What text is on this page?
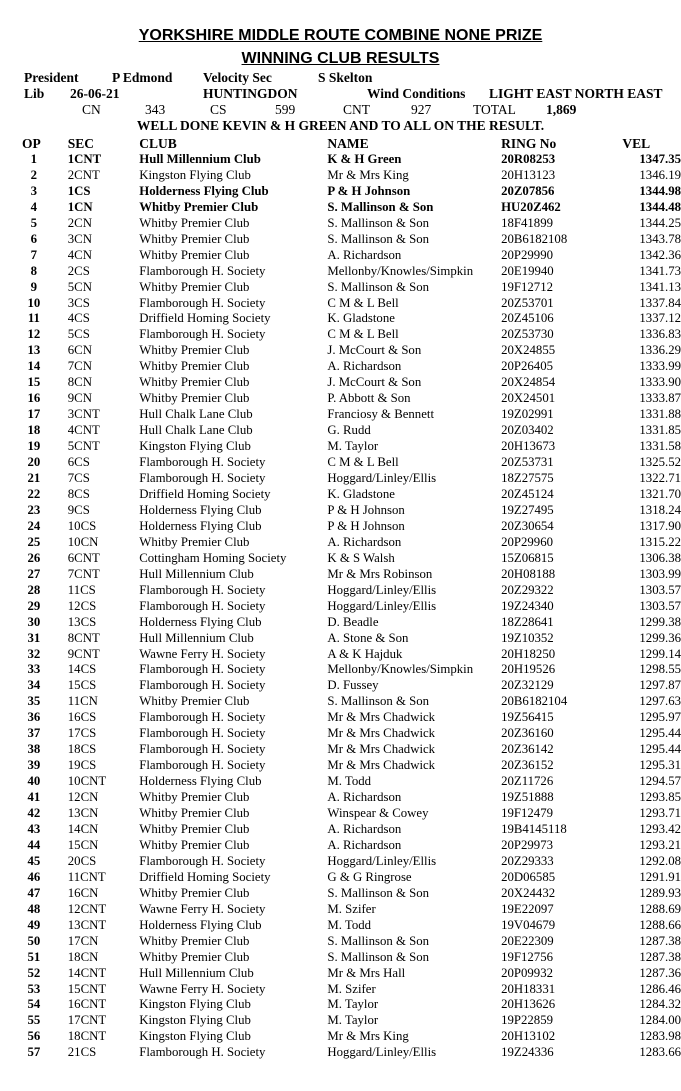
YORKSHIRE MIDDLE ROUTE COMBINE NONE PRIZE
WINNING CLUB RESULTS
President P Edmond Velocity Sec	S Skelton
Lib 26-06-21	HUNTINGDON	Wind Conditions LIGHT EAST NORTH EAST
CN	343	CS	599	CNT	927	TOTAL 1,869
WELL DONE KEVIN & H GREEN AND TO ALL ON THE RESULT.
OP	SEC	CLUB	NAME	RING No	VEL
1	1CNT	Hull Millennium Club	K & H Green	20R08253	1347.35
2	2CNT	Kingston Flying Club	Mr & Mrs King	20H13123	1346.19
3	1CS	Holderness Flying Club	P & H Johnson	20Z07856	1344.98
4	1CN	Whitby Premier Club	S. Mallinson & Son	HU20Z462	1344.48
5	2CN	Whitby Premier Club	S. Mallinson & Son	18F41899	1344.25
6	3CN	Whitby Premier Club	S. Mallinson & Son	20B6182108	1343.78
7	4CN	Whitby Premier Club	A. Richardson	20P29990	1342.36
8	2CS	Flamborough H. Society	Mellonby/Knowles/Simpkin	20E19940	1341.73
9	5CN	Whitby Premier Club	S. Mallinson & Son	19F12712	1341.13
10	3CS	Flamborough H. Society	C M & L Bell	20Z53701	1337.84
11	4CS	Driffield Homing Society	K. Gladstone	20Z45106	1337.12
12	5CS	Flamborough H. Society	C M & L Bell	20Z53730	1336.83
13	6CN	Whitby Premier Club	J. McCourt & Son	20X24855	1336.29
14	7CN	Whitby Premier Club	A. Richardson	20P26405	1333.99
15	8CN	Whitby Premier Club	J. McCourt & Son	20X24854	1333.90
16	9CN	Whitby Premier Club	P. Abbott & Son	20X24501	1333.87
17	3CNT	Hull Chalk Lane Club	Franciosy & Bennett	19Z02991	1331.88
18	4CNT	Hull Chalk Lane Club	G. Rudd	20Z03402	1331.85
19	5CNT	Kingston Flying Club	M. Taylor	20H13673	1331.58
20	6CS	Flamborough H. Society	C M & L Bell	20Z53731	1325.52
21	7CS	Flamborough H. Society	Hoggard/Linley/Ellis	18Z27575	1322.71
22	8CS	Driffield Homing Society	K. Gladstone	20Z45124	1321.70
23	9CS	Holderness Flying Club	P & H Johnson	19Z27495	1318.24
24	10CS	Holderness Flying Club	P & H Johnson	20Z30654	1317.90
25	10CN	Whitby Premier Club	A. Richardson	20P29960	1315.22
26	6CNT	Cottingham Homing Society	K & S Walsh	15Z06815	1306.38
27	7CNT	Hull Millennium Club	Mr & Mrs Robinson	20H08188	1303.99
28	11CS	Flamborough H. Society	Hoggard/Linley/Ellis	20Z29322	1303.57
29	12CS	Flamborough H. Society	Hoggard/Linley/Ellis	19Z24340	1303.57
30	13CS	Holderness Flying Club	D. Beadle	18Z28641	1299.38
31	8CNT	Hull Millennium Club	A. Stone & Son	19Z10352	1299.36
32	9CNT	Wawne Ferry H. Society	A & K Hajduk	20H18250	1299.14
33	14CS	Flamborough H. Society	Mellonby/Knowles/Simpkin	20H19526	1298.55
34	15CS	Flamborough H. Society	D. Fussey	20Z32129	1297.87
35	11CN	Whitby Premier Club	S. Mallinson & Son	20B6182104	1297.63
36	16CS	Flamborough H. Society	Mr & Mrs Chadwick	19Z56415	1295.97
37	17CS	Flamborough H. Society	Mr & Mrs Chadwick	20Z36160	1295.44
38	18CS	Flamborough H. Society	Mr & Mrs Chadwick	20Z36142	1295.44
39	19CS	Flamborough H. Society	Mr & Mrs Chadwick	20Z36152	1295.31
40	10CNT	Holderness Flying Club	M. Todd	20Z11726	1294.57
41	12CN	Whitby Premier Club	A. Richardson	19Z51888	1293.85
42	13CN	Whitby Premier Club	Winspear & Cowey	19F12479	1293.71
43	14CN	Whitby Premier Club	A. Richardson	19B4145118	1293.42
44	15CN	Whitby Premier Club	A. Richardson	20P29973	1293.21
45	20CS	Flamborough H. Society	Hoggard/Linley/Ellis	20Z29333	1292.08
46	11CNT	Driffield Homing Society	G & G Ringrose	20D06585	1291.91
47	16CN	Whitby Premier Club	S. Mallinson & Son	20X24432	1289.93
48	12CNT	Wawne Ferry H. Society	M. Szifer	19E22097	1288.69
49	13CNT	Holderness Flying Club	M. Todd	19V04679	1288.66
50	17CN	Whitby Premier Club	S. Mallinson & Son	20E22309	1287.38
51	18CN	Whitby Premier Club	S. Mallinson & Son	19F12756	1287.38
52	14CNT	Hull Millennium Club	Mr & Mrs Hall	20P09932	1287.36
53	15CNT	Wawne Ferry H. Society	M. Szifer	20H18331	1286.46
54	16CNT	Kingston Flying Club	M. Taylor	20H13626	1284.32
55	17CNT	Kingston Flying Club	M. Taylor	19P22859	1284.00
56	18CNT	Kingston Flying Club	Mr & Mrs King	20H13102	1283.98
57	21CS	Flamborough H. Society	Hoggard/Linley/Ellis	19Z24336	1283.66
